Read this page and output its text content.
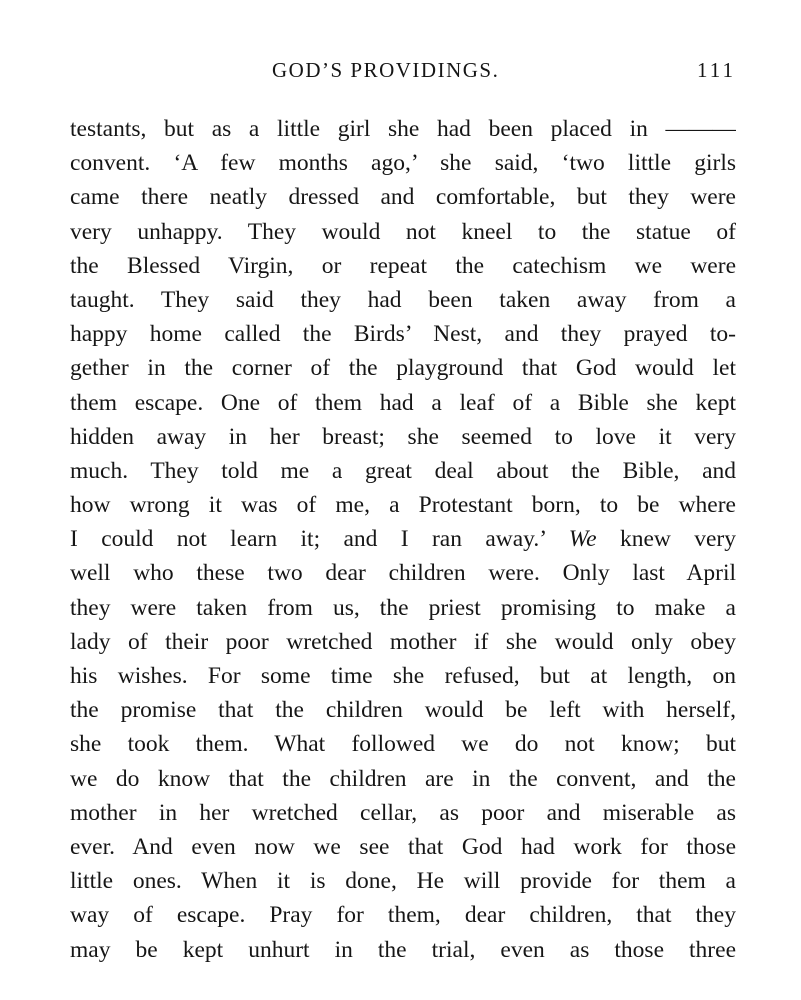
GOD’S PROVIDINGS.	111
testants, but as a little girl she had been placed in ———
convent. ‘A few months ago,’ she said, ‘two little girls
came there neatly dressed and comfortable, but they were
very unhappy. They would not kneel to the statue of
the Blessed Virgin, or repeat the catechism we were
taught. They said they had been taken away from a
happy home called the Birds’ Nest, and they prayed to-
gether in the corner of the playground that God would let
them escape. One of them had a leaf of a Bible she kept
hidden away in her breast; she seemed to love it very
much. They told me a great deal about the Bible, and
how wrong it was of me, a Protestant born, to be where
I could not learn it; and I ran away.’ We knew very
well who these two dear children were. Only last April
they were taken from us, the priest promising to make a
lady of their poor wretched mother if she would only obey
his wishes. For some time she refused, but at length, on
the promise that the children would be left with herself,
she took them. What followed we do not know; but
we do know that the children are in the convent, and the
mother in her wretched cellar, as poor and miserable as
ever. And even now we see that God had work for those
little ones. When it is done, He will provide for them a
way of escape. Pray for them, dear children, that they
may be kept unhurt in the trial, even as those three
